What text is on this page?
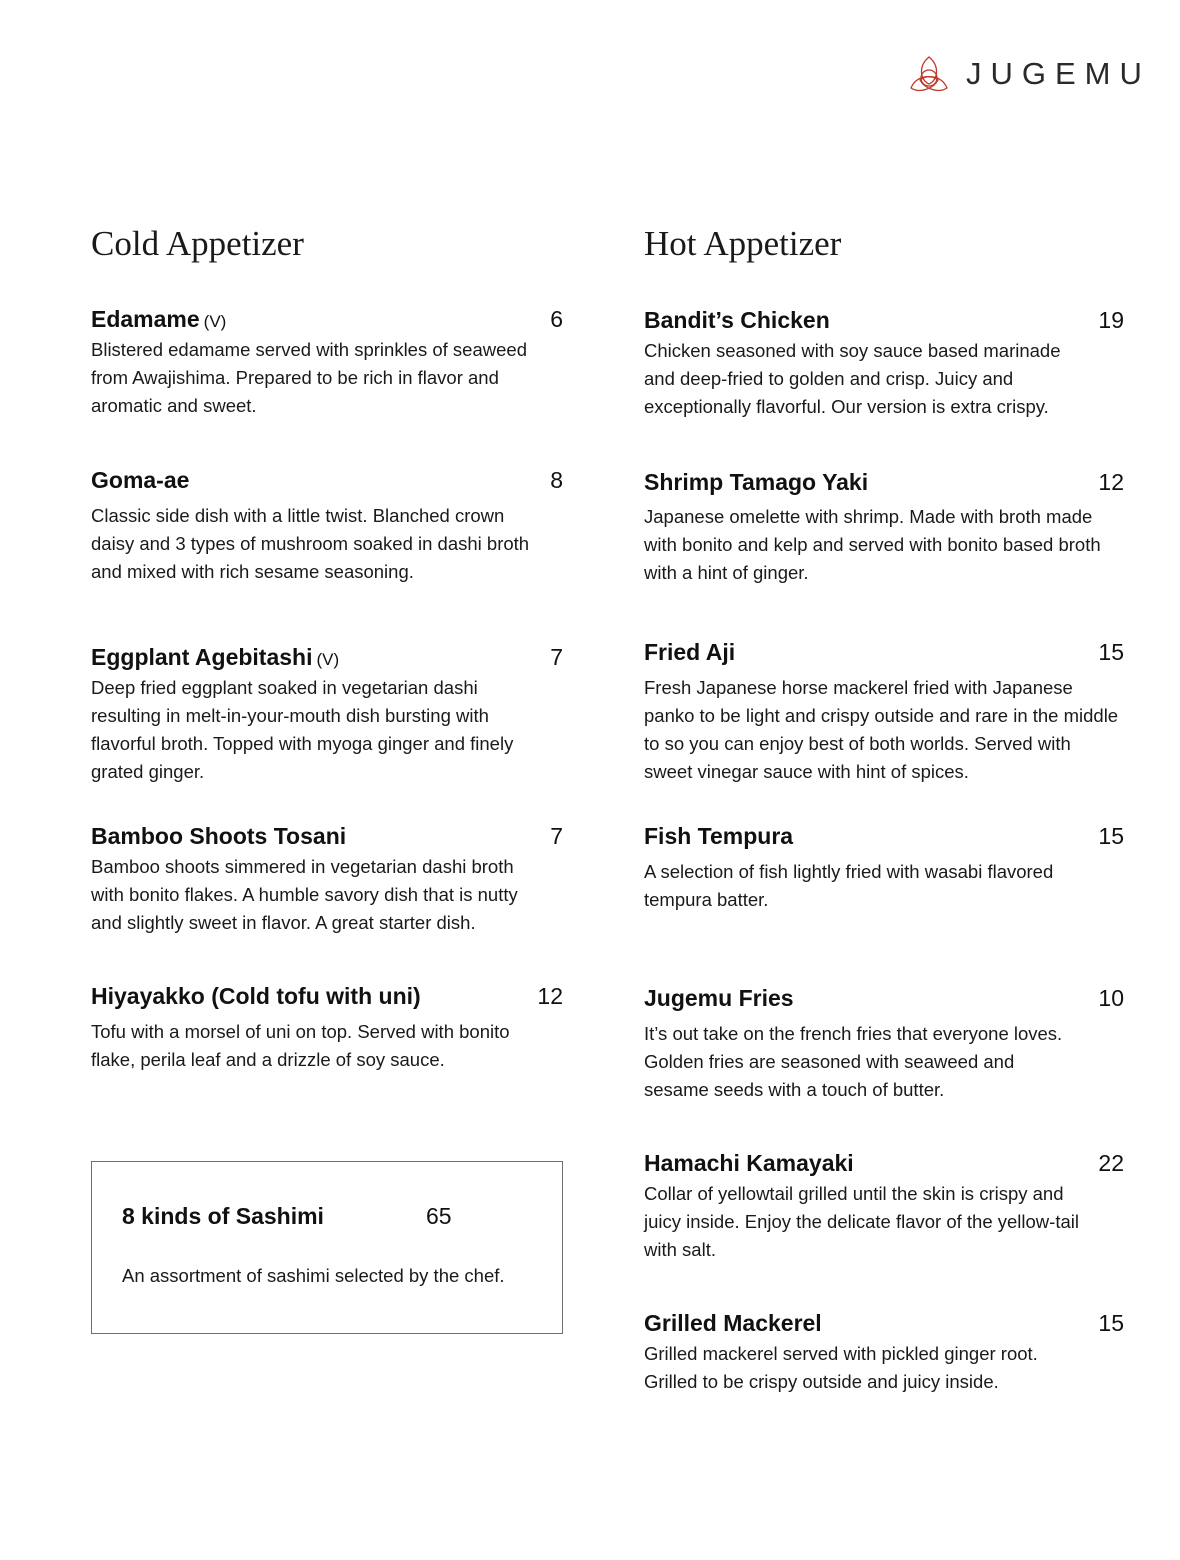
JUGEMU
Cold Appetizer
Edamame (V)	6

Blistered edamame served with sprinkles of seaweed from Awajishima. Prepared to be rich in flavor and aromatic and sweet.

Goma-ae	8

Classic side dish with a little twist. Blanched crown daisy and 3 types of mushroom soaked in dashi broth and mixed with rich sesame seasoning.

Eggplant Agebitashi (V)	7

Deep fried eggplant soaked in vegetarian dashi resulting in melt-in-your-mouth dish bursting with flavorful broth. Topped with myoga ginger and finely grated ginger.

Bamboo Shoots Tosani	7

Bamboo shoots simmered in vegetarian dashi broth with bonito flakes. A humble savory dish that is nutty and slightly sweet in flavor. A great starter dish.

Hiyayakko (Cold tofu with uni)	12

Tofu with a morsel of uni on top. Served with bonito flake, perila leaf and a drizzle of soy sauce.

8 kinds of Sashimi	65
An assortment of sashimi selected by the chef.
Hot Appetizer
Bandit’s Chicken	19

Chicken seasoned with soy sauce based marinade and deep-fried to golden and crisp. Juicy and exceptionally flavorful. Our version is extra crispy.

Shrimp Tamago Yaki	12

Japanese omelette with shrimp. Made with broth made with bonito and kelp and served with bonito based broth with a hint of ginger.

Fried Aji	15

Fresh Japanese horse mackerel fried with Japanese panko to be light and crispy outside and rare in the middle to so you can enjoy best of both worlds. Served with sweet vinegar sauce with hint of spices.

Fish Tempura	15

A selection of fish lightly fried with wasabi flavored tempura batter.

Jugemu Fries	10

It’s out take on the french fries that everyone loves. Golden fries are seasoned with seaweed and sesame seeds with a touch of butter.

Hamachi Kamayaki	22

Collar of yellowtail grilled until the skin is crispy and juicy inside. Enjoy the delicate flavor of the yellow-tail with salt.

Grilled Mackerel	15

Grilled mackerel served with pickled ginger root. Grilled to be crispy outside and juicy inside.
